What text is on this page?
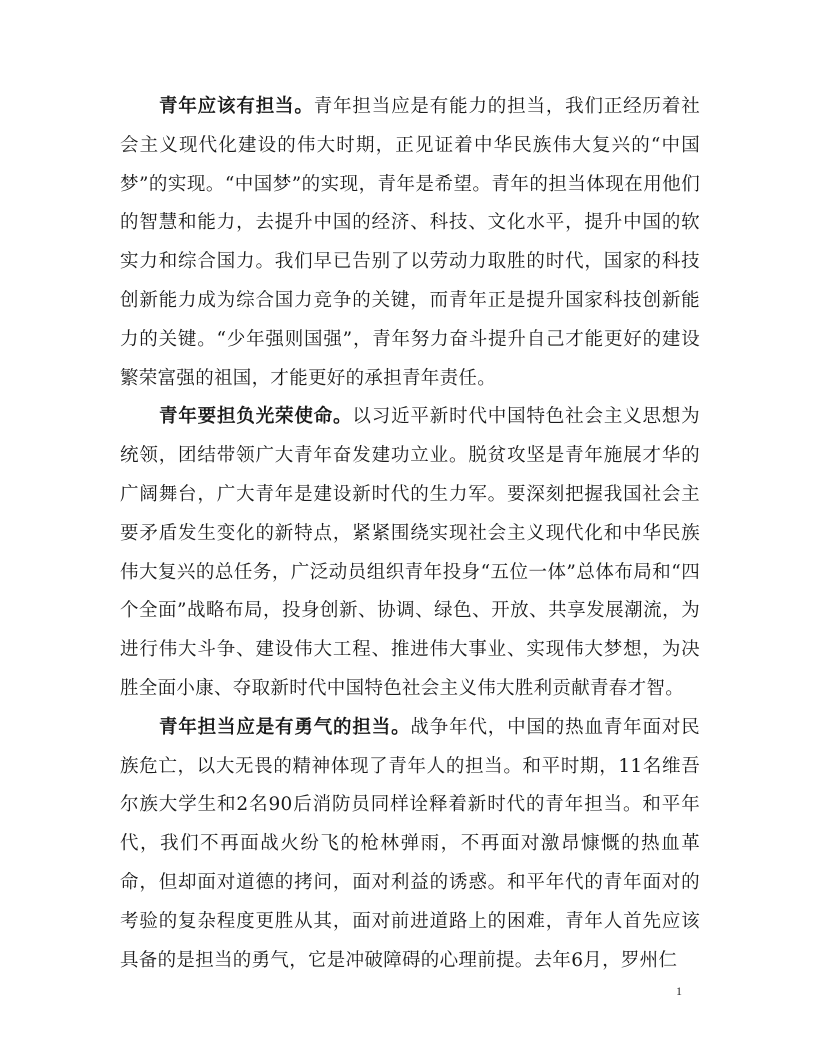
青年应该有担当。青年担当应是有能力的担当，我们正经历着社会主义现代化建设的伟大时期，正见证着中华民族伟大复兴的“中国梦”的实现。“中国梦”的实现，青年是希望。青年的担当体现在用他们的智慧和能力，去提升中国的经济、科技、文化水平，提升中国的软实力和综合国力。我们早已告别了以劳动力取胜的时代，国家的科技创新能力成为综合国力竞争的关键，而青年正是提升国家科技创新能力的关键。“少年强则国强”，青年努力奋斗提升自己才能更好的建设繁荣富强的祖国，才能更好的承担青年责任。

青年要担负光荣使命。以习近平新时代中国特色社会主义思想为统领，团结带领广大青年奋发建功立业。脱贫攻坚是青年施展才华的广阔舞台，广大青年是建设新时代的生力军。要深刻把握我国社会主要矛盾发生变化的新特点，紧紧围绕实现社会主义现代化和中华民族伟大复兴的总任务，广泛动员组织青年投身“五位一体”总体布局和“四个全面”战略布局，投身创新、协调、绿色、开放、共享发展潮流，为进行伟大斗争、建设伟大工程、推进伟大事业、实现伟大梦想，为决胜全面小康、夺取新时代中国特色社会主义伟大胜利贡献青春才智。

青年担当应是有勇气的担当。战争年代，中国的热血青年面对民族危亡，以大无畏的精神体现了青年人的担当。和平时期，11名维吾尔族大学生和2名90后消防员同样诠释着新时代的青年担当。和平年代，我们不再面战火纷飞的枪林弹雨，不再面对激昂慷慨的热血革命，但却面对道德的拷问，面对利益的诱惑。和平年代的青年面对的考验的复杂程度更胜从其，面对前进道路上的困难，青年人首先应该具备的是担当的勇气，它是冲破障碍的心理前提。去年6月，罗州仁

1
